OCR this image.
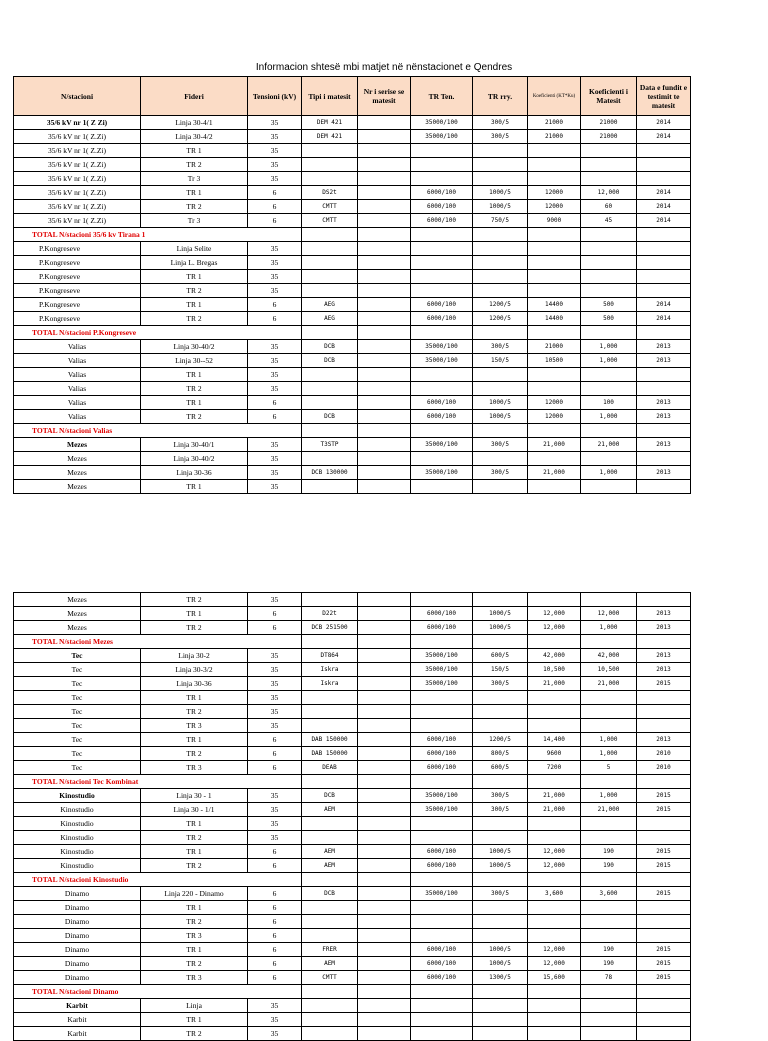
Informacion shtesë mbi matjet në nënstacionet e Qendres
N/stacioni	Fideri	Tensioni (kV)	Tipi i matesit	Nr i serise se matesit	TR Ten.	TR rry.	Koeficienti (KT*Ku)	Koeficienti i Matesit	Data e fundit e testimit te matesit
35/6 kV nr 1( Z Zi)	Linja 30-4/1	35	DEM 421		35000/100	300/5	21000	21000	2014
35/6 kV nr 1( Z.Zi)	Linja 30-4/2	35	DEM 421		35000/100	300/5	21000	21000	2014
35/6 kV nr 1( Z.Zi)	TR 1	35							
35/6 kV nr 1( Z.Zi)	TR 2	35							
35/6 kV nr 1( Z.Zi)	Tr 3	35							
35/6 kV nr 1( Z.Zi)	TR 1	6	DS2t		6000/100	1000/5	12000	12,000	2014
35/6 kV nr 1( Z.Zi)	TR 2	6	CMTT		6000/100	1000/5	12000	60	2014
35/6 kV nr 1( Z.Zi)	Tr 3	6	CMTT		6000/100	750/5	9000	45	2014
TOTAL N/stacioni 35/6 kv Tirana 1									
P.Kongreseve	Linja Selite	35							
P.Kongreseve	Linja L. Bregas	35							
P.Kongreseve	TR 1	35							
P.Kongreseve	TR 2	35							
P.Kongreseve	TR 1	6	AEG		6000/100	1200/5	14400	500	2014
P.Kongreseve	TR 2	6	AEG		6000/100	1200/5	14400	500	2014
TOTAL N/stacioni P.Kongreseve									
Valias	Linja 30-40/2	35	DCB		35000/100	300/5	21000	1,000	2013
Valias	Linja 30--52	35	DCB		35000/100	150/5	10500	1,000	2013
Valias	TR 1	35							
Valias	TR 2	35							
Valias	TR 1	6			6000/100	1000/5	12000	100	2013
Valias	TR 2	6	DCB		6000/100	1000/5	12000	1,000	2013
TOTAL N/stacioni Valias									
Mezes	Linja 30-40/1	35	T3STP		35000/100	300/5	21,000	21,000	2013
Mezes	Linja 30-40/2	35							
Mezes	Linja 30-36	35	DCB 130000		35000/100	300/5	21,000	1,000	2013
Mezes	TR 1	35							
Mezes	TR 2	35							
Mezes	TR 1	6	D22t		6000/100	1000/5	12,000	12,000	2013
Mezes	TR 2	6	DCB 251500		6000/100	1000/5	12,000	1,000	2013
TOTAL N/stacioni Mezes									
Tec	Linja 30-2	35	DT864		35000/100	600/5	42,000	42,000	2013
Tec	Linja 30-3/2	35	Iskra		35000/100	150/5	10,500	10,500	2013
Tec	Linja 30-36	35	Iskra		35000/100	300/5	21,000	21,000	2015
Tec	TR 1	35							
Tec	TR 2	35							
Tec	TR 3	35							
Tec	TR 1	6	DAB 150000		6000/100	1200/5	14,400	1,000	2013
Tec	TR 2	6	DAB 150000		6000/100	800/5	9600	1,000	2010
Tec	TR 3	6	DEAB		6000/100	600/5	7200	5	2010
TOTAL N/stacioni Tec Kombinat									
Kinostudio	Linja 30 - 1	35	DCB		35000/100	300/5	21,000	1,000	2015
Kinostudio	Linja 30 - 1/1	35	AEM		35000/100	300/5	21,000	21,000	2015
Kinostudio	TR 1	35							
Kinostudio	TR 2	35							
Kinostudio	TR 1	6	AEM		6000/100	1000/5	12,000	190	2015
Kinostudio	TR 2	6	AEM		6000/100	1000/5	12,000	190	2015
TOTAL N/stacioni Kinostudio									
Dinamo	Linja 220 - Dinamo	6	DCB		35000/100	300/5	3,600	3,600	2015
Dinamo	TR 1	6							
Dinamo	TR 2	6							
Dinamo	TR 3	6							
Dinamo	TR 1	6	FRER		6000/100	1000/5	12,000	190	2015
Dinamo	TR 2	6	AEM		6000/100	1000/5	12,000	190	2015
Dinamo	TR 3	6	CMTT		6000/100	1300/5	15,600	78	2015
TOTAL N/stacioni Dinamo									
Karbit	Linja	35							
Karbit	TR 1	35							
Karbit	TR 2	35							
